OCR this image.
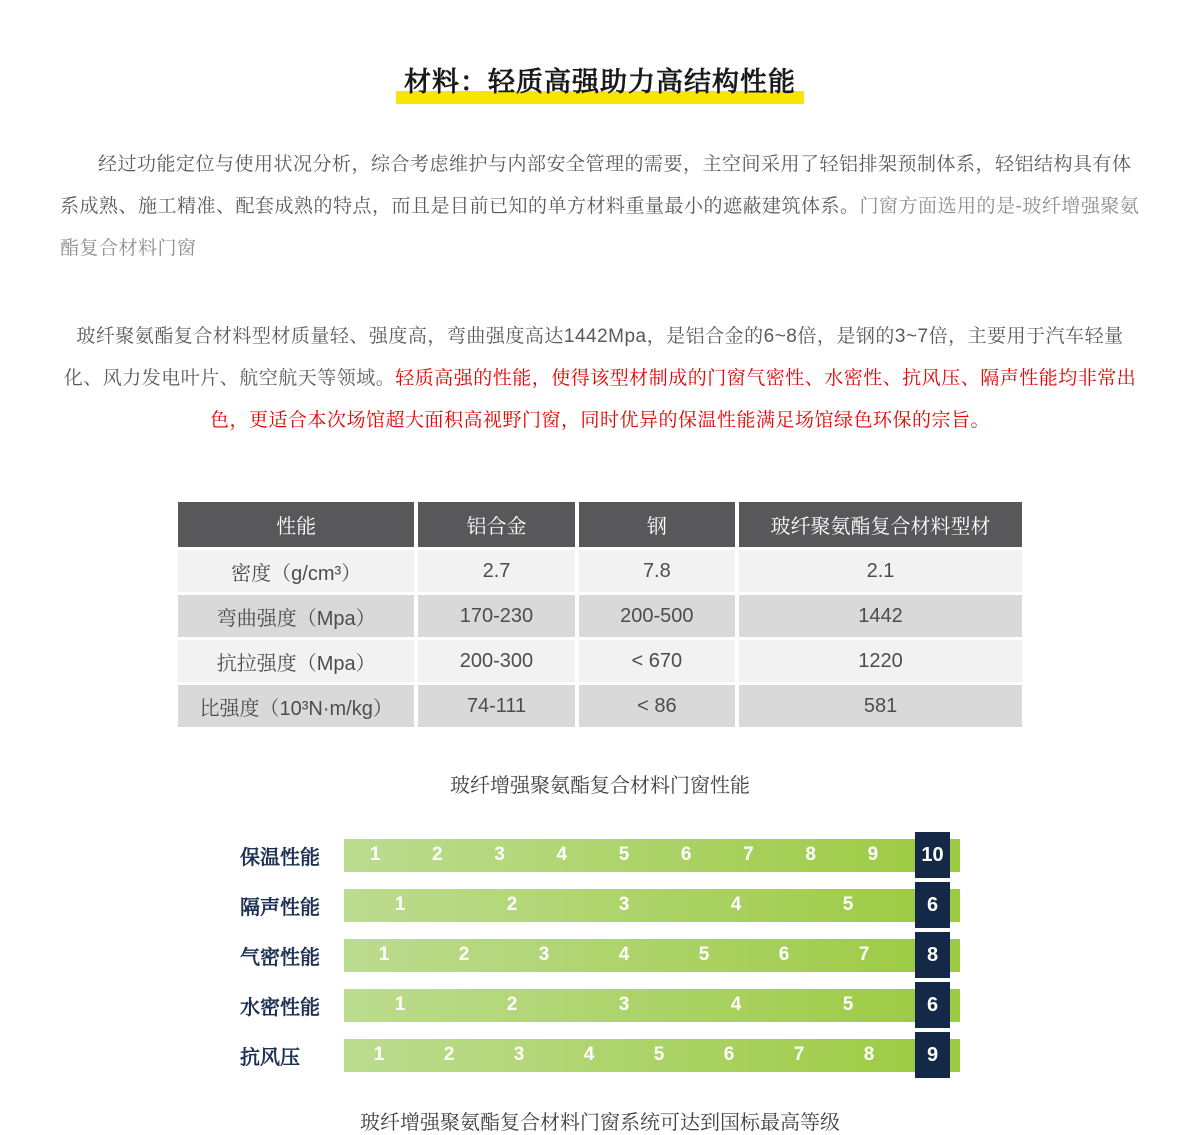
材料：轻质高强助力高结构性能

经过功能定位与使用状况分析，综合考虑维护与内部安全管理的需要，主空间采用了轻铝排架预制体系，轻铝结构具有体系成熟、施工精准、配套成熟的特点，而且是目前已知的单方材料重量最小的遮蔽建筑体系。门窗方面选用的是-玻纤增强聚氨酯复合材料门窗

玻纤聚氨酯复合材料型材质量轻、强度高，弯曲强度高达1442Mpa，是铝合金的6~8倍，是钢的3~7倍，主要用于汽车轻量化、风力发电叶片、航空航天等领域。轻质高强的性能，使得该型材制成的门窗气密性、水密性、抗风压、隔声性能均非常出色，更适合本次场馆超大面积高视野门窗，同时优异的保温性能满足场馆绿色环保的宗旨。

性能	铝合金	钢	玻纤聚氨酯复合材料型材
密度（g/cm³）	2.7	7.8	2.1
弯曲强度（Mpa）	170-230	200-500	1442
抗拉强度（Mpa）	200-300	< 670	1220
比强度（10³N·m/kg）	74-111	< 86	581
玻纤增强聚氨酯复合材料门窗性能
保温性能	1	2	3	4	5	6	7	8	9	10
隔声性能	1	2	3	4	5	6
气密性能	1	2	3	4	5	6	7	8
水密性能	1	2	3	4	5	6
抗风压	1	2	3	4	5	6	7	8	9
玻纤增强聚氨酯复合材料门窗系统可达到国标最高等级
